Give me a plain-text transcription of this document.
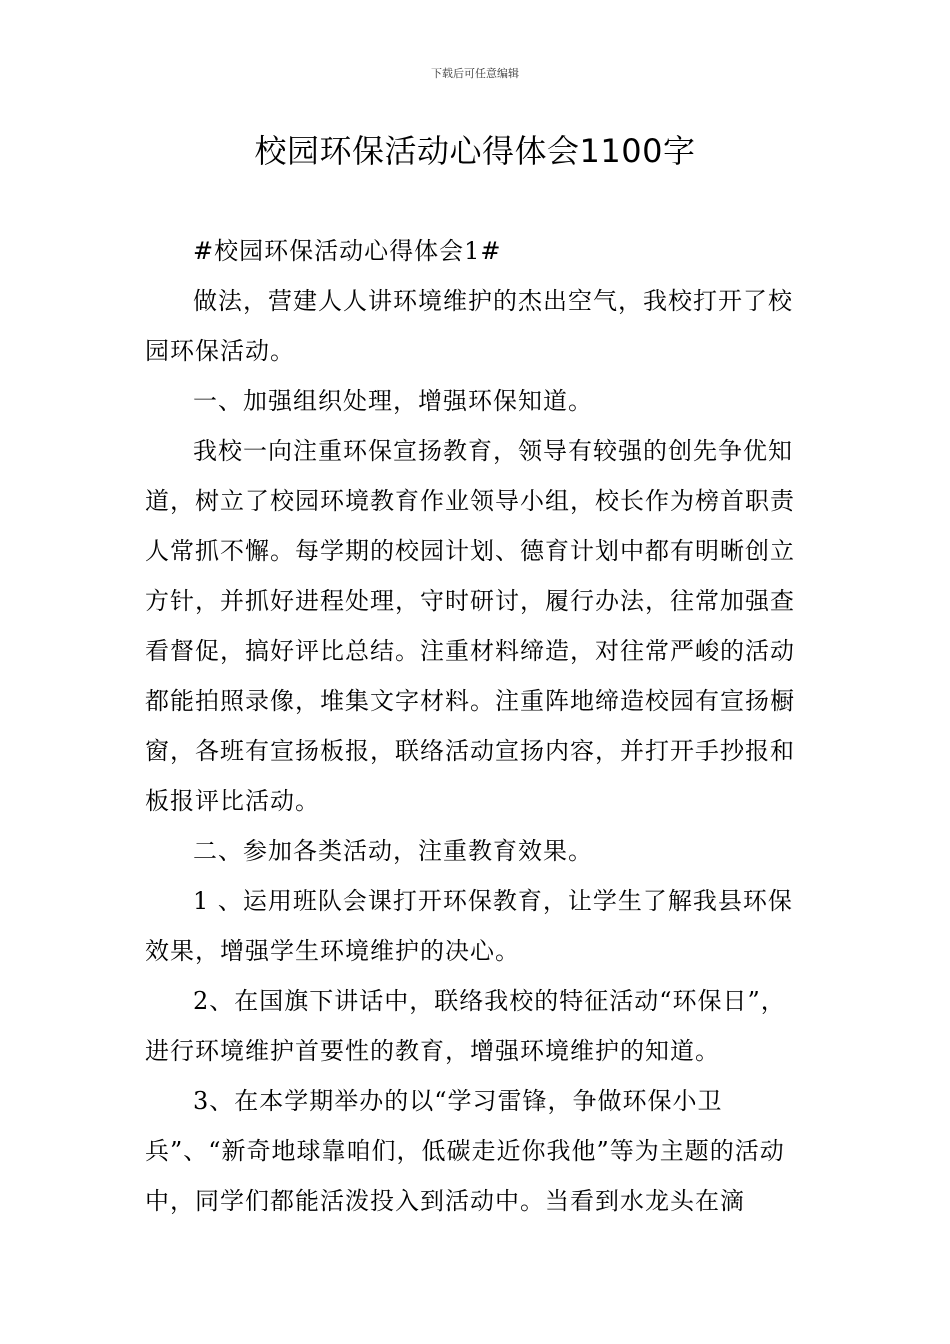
下载后可任意编辑
校园环保活动心得体会1100字

#校园环保活动心得体会1#

做法，营建人人讲环境维护的杰出空气，我校打开了校园环保活动。

一、加强组织处理，增强环保知道。

我校一向注重环保宣扬教育，领导有较强的创先争优知道，树立了校园环境教育作业领导小组，校长作为榜首职责人常抓不懈。每学期的校园计划、德育计划中都有明晰创立方针，并抓好进程处理，守时研讨，履行办法，往常加强查看督促，搞好评比总结。注重材料缔造，对往常严峻的活动都能拍照录像，堆集文字材料。注重阵地缔造校园有宣扬橱窗，各班有宣扬板报，联络活动宣扬内容，并打开手抄报和板报评比活动。

二、参加各类活动，注重教育效果。

1 、运用班队会课打开环保教育，让学生了解我县环保效果，增强学生环境维护的决心。

2、在国旗下讲话中，联络我校的特征活动“环保日”，进行环境维护首要性的教育，增强环境维护的知道。

3、在本学期举办的以“学习雷锋，争做环保小卫兵”、“新奇地球靠咱们，低碳走近你我他”等为主题的活动中，同学们都能活泼投入到活动中。当看到水龙头在滴
